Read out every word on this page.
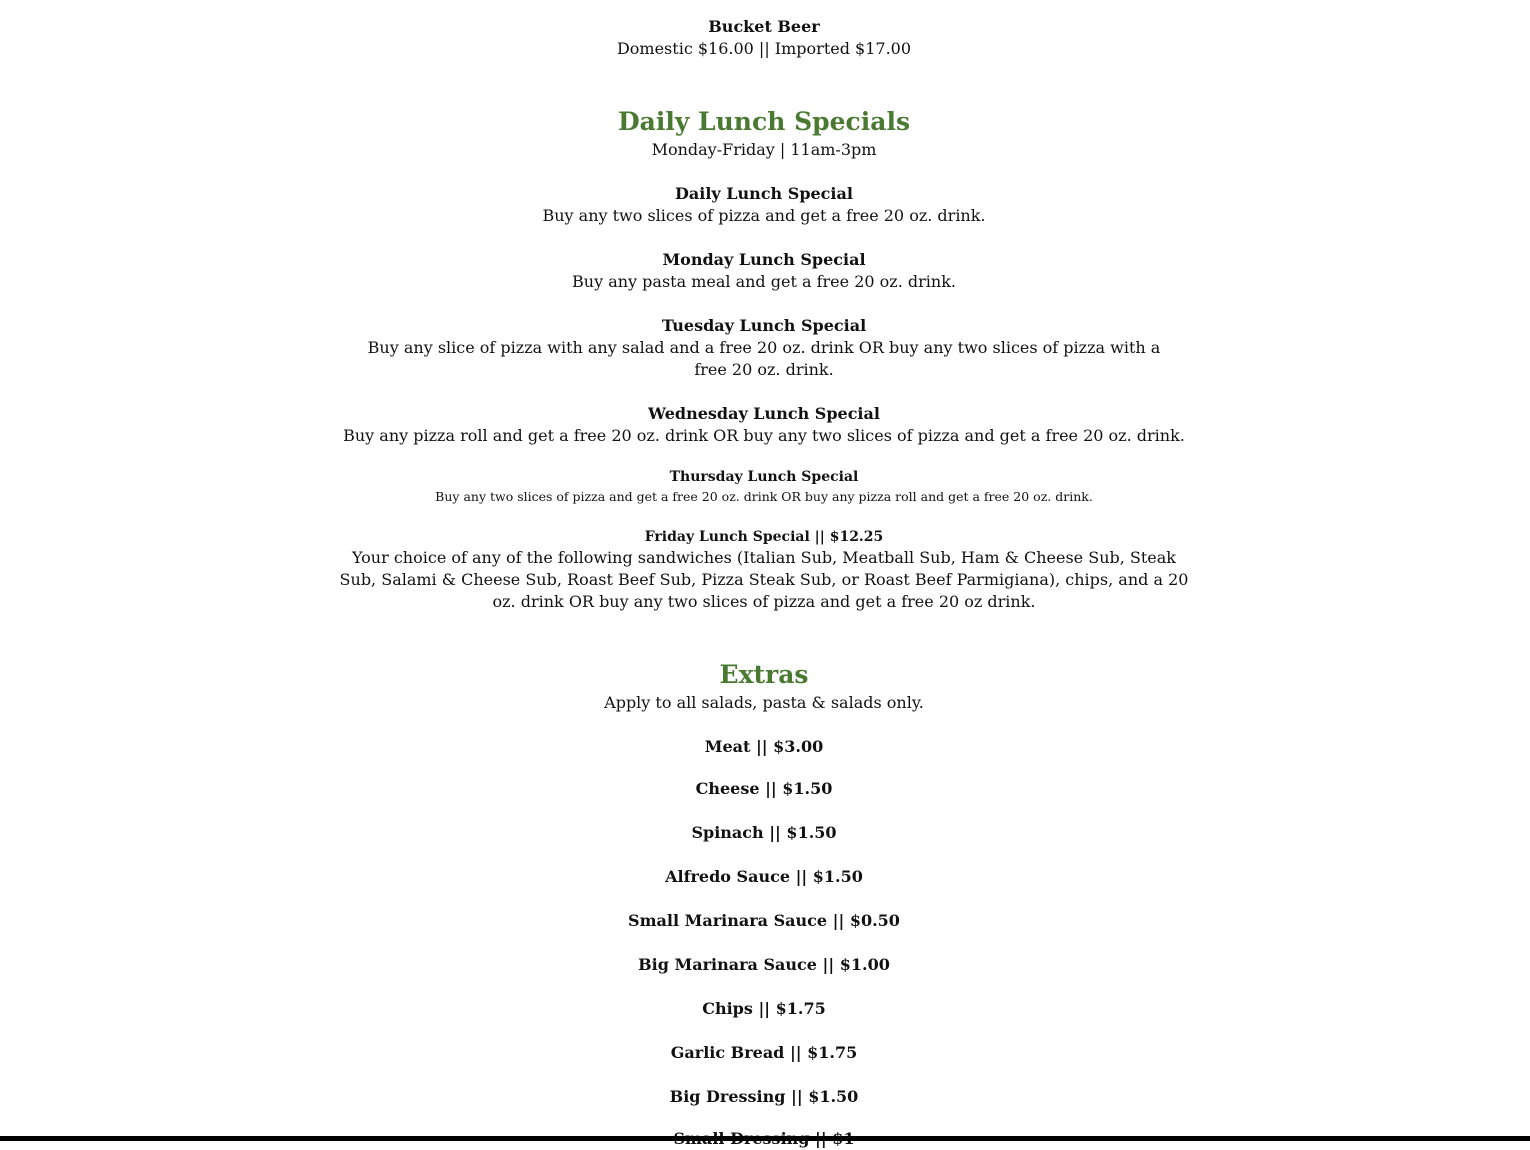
Bucket Beer
Domestic $16.00 || Imported $17.00
Daily Lunch Specials
Monday-Friday | 11am-3pm
Daily Lunch Special
Buy any two slices of pizza and get a free 20 oz. drink.
Monday Lunch Special
Buy any pasta meal and get a free 20 oz. drink.
Tuesday Lunch Special
Buy any slice of pizza with any salad and a free 20 oz. drink OR buy any two slices of pizza with a free 20 oz. drink.
Wednesday Lunch Special
Buy any pizza roll and get a free 20 oz. drink OR buy any two slices of pizza and get a free 20 oz. drink.
Thursday Lunch Special
Buy any two slices of pizza and get a free 20 oz. drink OR buy any pizza roll and get a free 20 oz. drink.
Friday Lunch Special || $12.25
Your choice of any of the following sandwiches (Italian Sub, Meatball Sub, Ham & Cheese Sub, Steak Sub, Salami & Cheese Sub, Roast Beef Sub, Pizza Steak Sub, or Roast Beef Parmigiana), chips, and a 20 oz. drink OR buy any two slices of pizza and get a free 20 oz drink.
Extras
Apply to all salads, pasta & salads only.
Meat || $3.00
Cheese || $1.50
Spinach || $1.50
Alfredo Sauce || $1.50
Small Marinara Sauce || $0.50
Big Marinara Sauce || $1.00
Chips || $1.75
Garlic Bread || $1.75
Big Dressing || $1.50
